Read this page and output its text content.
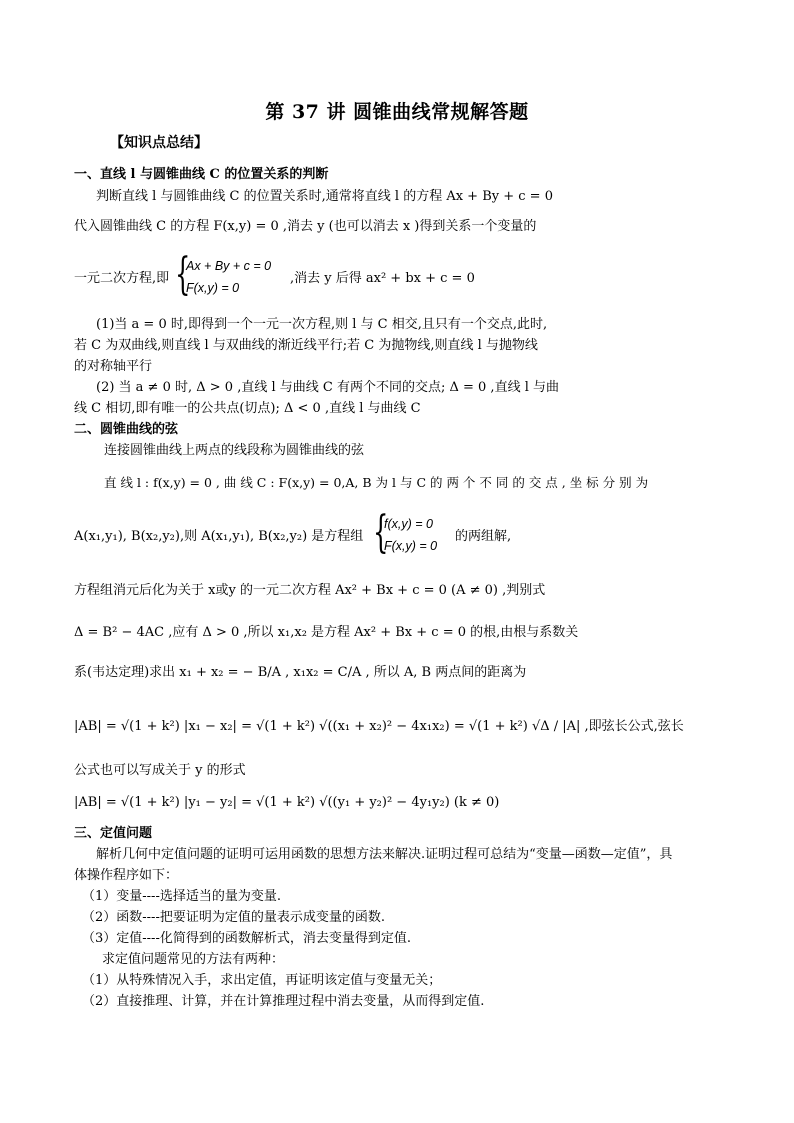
第 37 讲 圆锥曲线常规解答题
【知识点总结】
一、直线 l 与圆锥曲线 C 的位置关系的判断
判断直线 l 与圆锥曲线 C 的位置关系时,通常将直线 l 的方程 Ax + By + c = 0
代入圆锥曲线 C 的方程 F(x,y) = 0 ,消去 y (也可以消去 x )得到关系一个变量的
一元二次方程,即 {
Ax + By + c = 0
F(x,y) = 0
,消去 y 后得 ax² + bx + c = 0
(1)当 a = 0 时,即得到一个一元一次方程,则 l 与 C 相交,且只有一个交点,此时,
若 C 为双曲线,则直线 l 与双曲线的渐近线平行;若 C 为抛物线,则直线 l 与抛物线
的对称轴平行
(2) 当 a ≠ 0 时, Δ > 0 ,直线 l 与曲线 C 有两个不同的交点; Δ = 0 ,直线 l 与曲
线 C 相切,即有唯一的公共点(切点); Δ < 0 ,直线 l 与曲线 C
二、圆锥曲线的弦
连接圆锥曲线上两点的线段称为圆锥曲线的弦
直 线 l : f(x,y) = 0 , 曲 线 C : F(x,y) = 0,A, B 为 l 与 C 的 两 个 不 同 的 交 点 , 坐 标 分 别 为
A(x₁,y₁), B(x₂,y₂),则 A(x₁,y₁), B(x₂,y₂) 是方程组 {
f(x,y) = 0
F(x,y) = 0
的两组解,
方程组消元后化为关于 x或y 的一元二次方程 Ax² + Bx + c = 0 (A ≠ 0) ,判别式
Δ = B² − 4AC ,应有 Δ > 0 ,所以 x₁,x₂ 是方程 Ax² + Bx + c = 0 的根,由根与系数关
系(韦达定理)求出 x₁ + x₂ = − B/A , x₁x₂ = C/A , 所以 A, B 两点间的距离为
|AB| = √(1 + k²) |x₁ − x₂| = √(1 + k²) √((x₁ + x₂)² − 4x₁x₂) = √(1 + k²) √Δ / |A| ,即弦长公式,弦长
公式也可以写成关于 y 的形式
|AB| = √(1 + k²) |y₁ − y₂| = √(1 + k²) √((y₁ + y₂)² − 4y₁y₂) (k ≠ 0)
三、定值问题
解析几何中定值问题的证明可运用函数的思想方法来解决.证明过程可总结为“变量—函数—定值”，具
体操作程序如下：
（1）变量----选择适当的量为变量.
（2）函数----把要证明为定值的量表示成变量的函数.
（3）定值----化简得到的函数解析式，消去变量得到定值.
求定值问题常见的方法有两种：
（1）从特殊情况入手，求出定值，再证明该定值与变量无关；
（2）直接推理、计算，并在计算推理过程中消去变量，从而得到定值.
